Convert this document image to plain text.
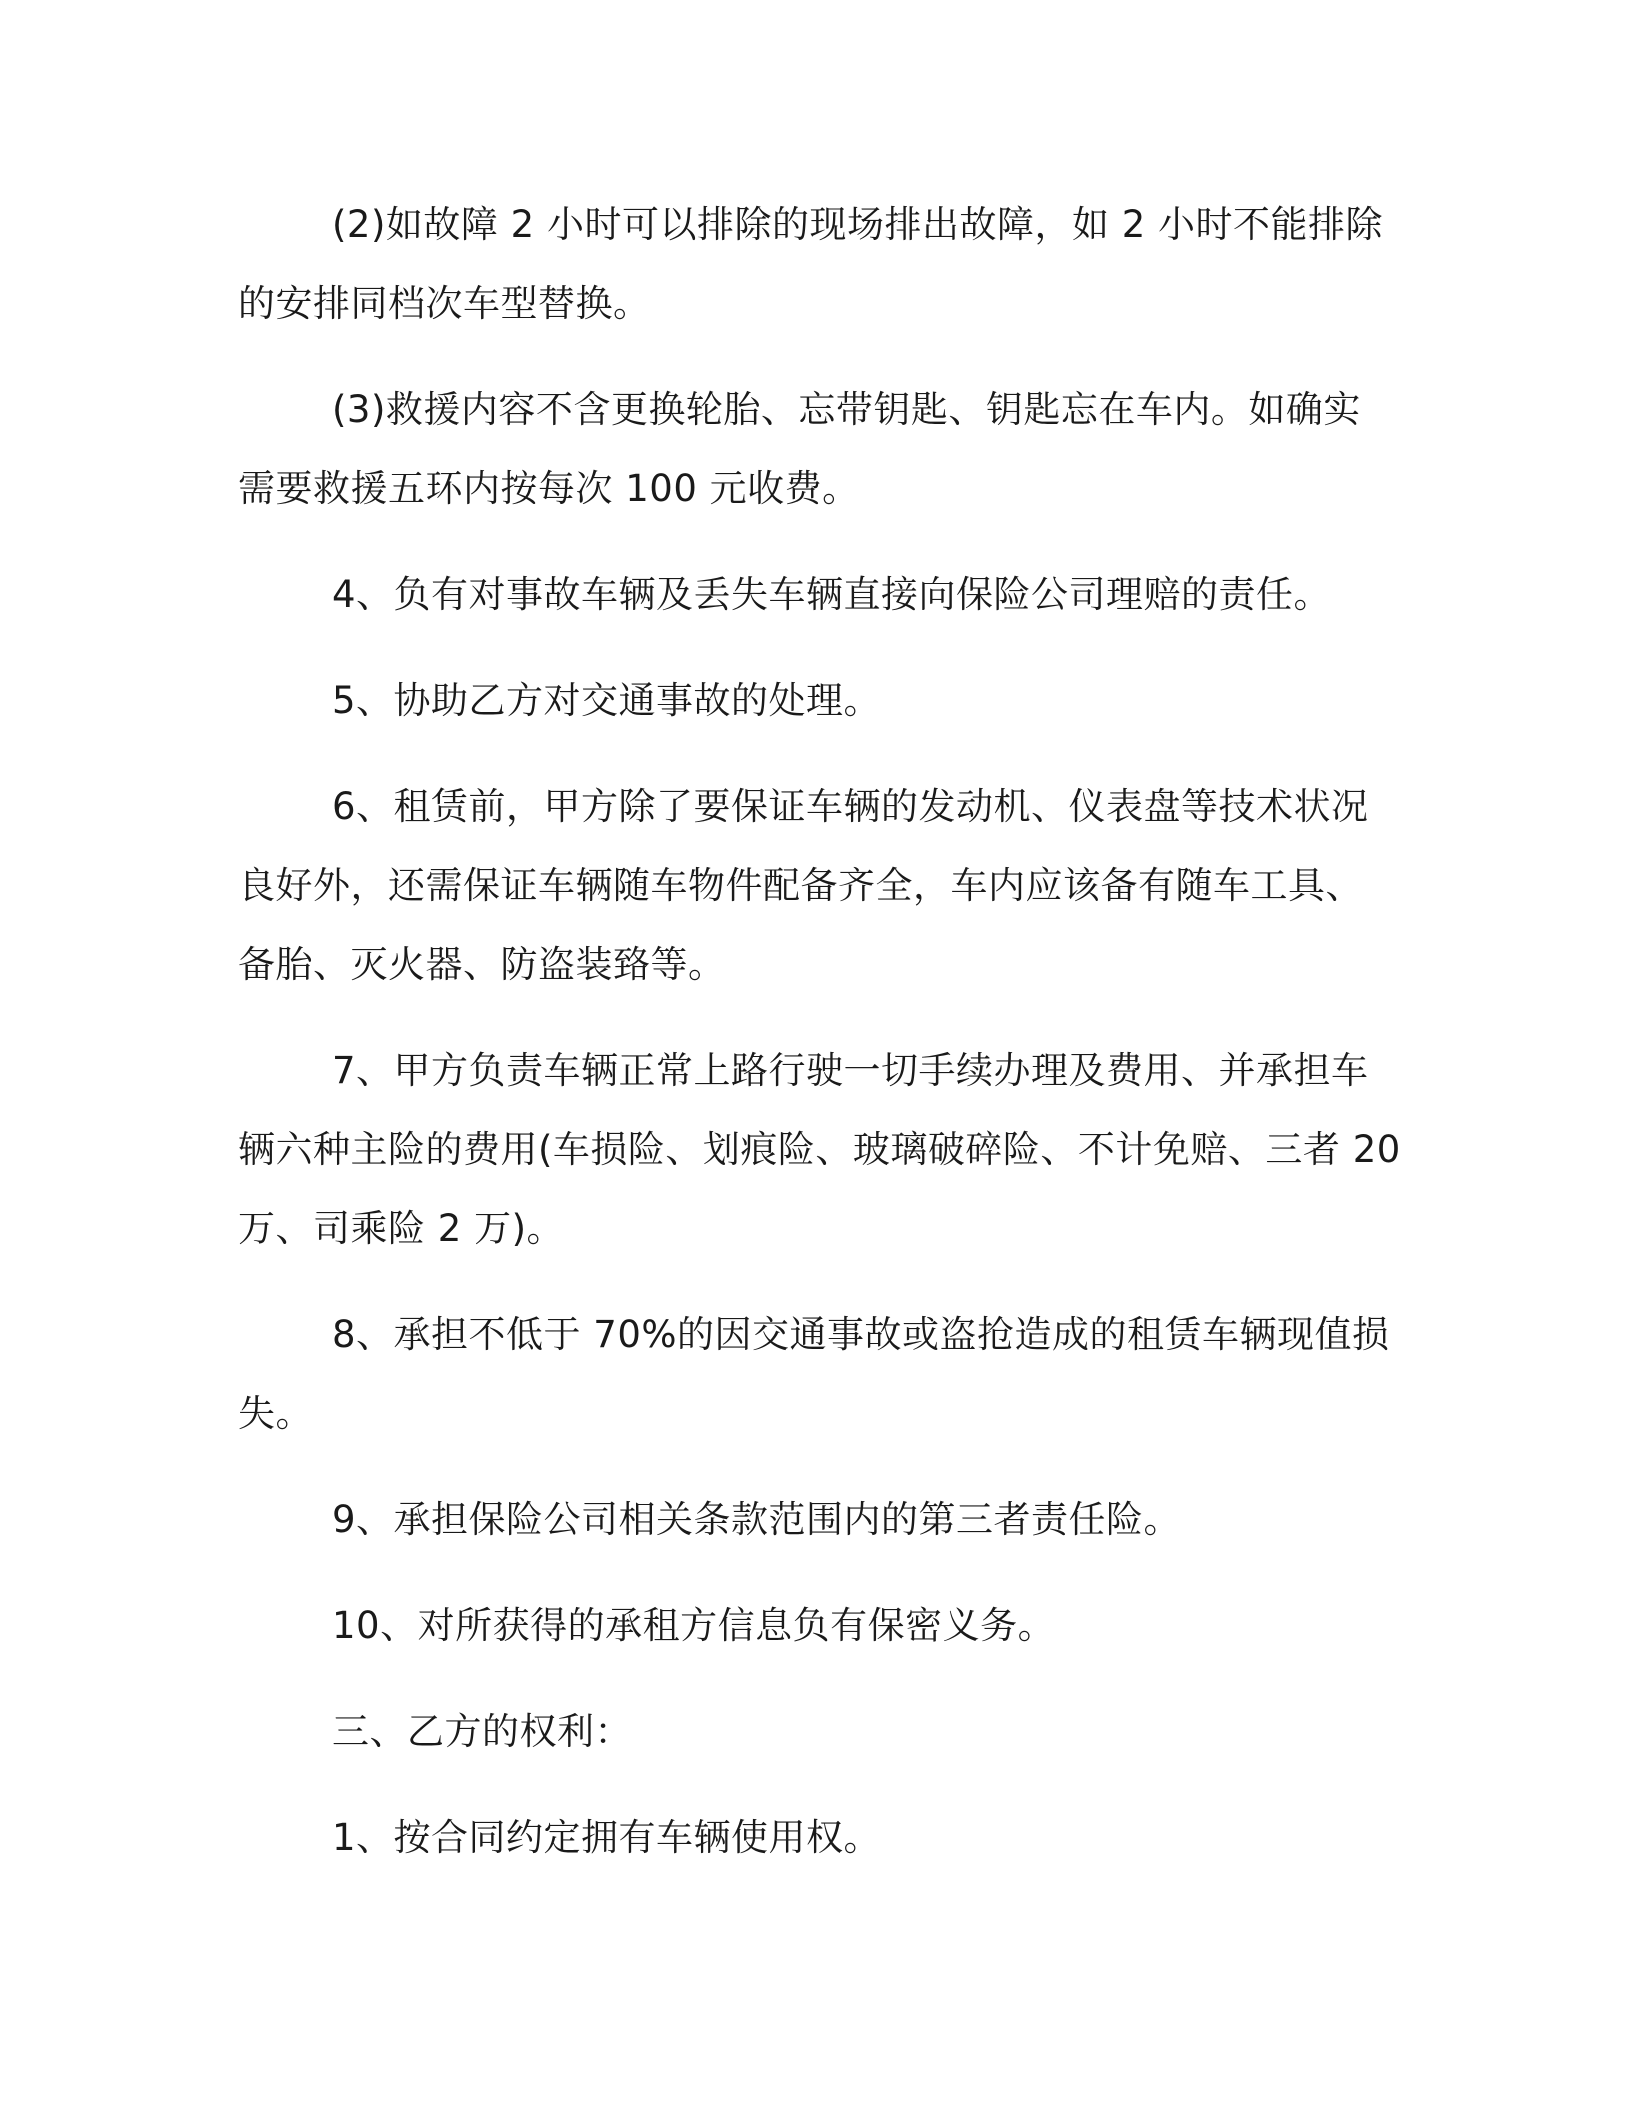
(2)如故障 2 小时可以排除的现场排出故障，如 2 小时不能排除
的安排同档次车型替换。

(3)救援内容不含更换轮胎、忘带钥匙、钥匙忘在车内。如确实
需要救援五环内按每次 100 元收费。

4、负有对事故车辆及丢失车辆直接向保险公司理赔的责任。

5、协助乙方对交通事故的处理。

6、租赁前，甲方除了要保证车辆的发动机、仪表盘等技术状况
良好外，还需保证车辆随车物件配备齐全，车内应该备有随车工具、
备胎、灭火器、防盗装臵等。

7、甲方负责车辆正常上路行驶一切手续办理及费用、并承担车
辆六种主险的费用(车损险、划痕险、玻璃破碎险、不计免赔、三者 20
万、司乘险 2 万)。

8、承担不低于 70%的因交通事故或盗抢造成的租赁车辆现值损
失。

9、承担保险公司相关条款范围内的第三者责任险。

10、对所获得的承租方信息负有保密义务。

三、乙方的权利：

1、按合同约定拥有车辆使用权。
